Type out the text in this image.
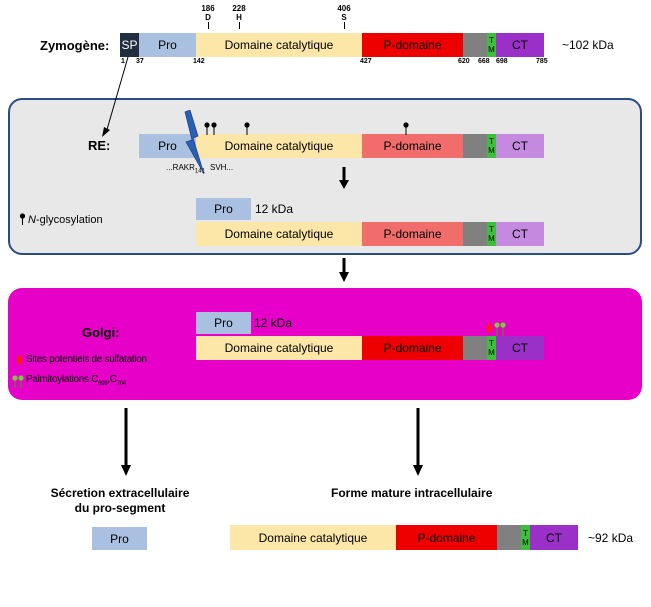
Zymogène:
186
D
228
H
406
S
SP	Pro	Domaine catalytique	P-domaine	T
M	CT	~102 kDa
1 37	142	427	620 668 698	785
RE:	Pro	Domaine catalytique	P-domaine	T
M	CT
$...RAKR_{141}$ SVH...
Pro	12 kDa
Domaine catalytique	P-domaine	T
M	CT
N-glycosylation
Golgi:
Pro	12 kDa
Domaine catalytique	P-domaine	T
M	CT
Sites potentiels de sulfatation
Palmitoylations $C_{699},C_{704}$
Sécretion extracellulaire
du pro-segment
Pro
Forme mature intracellulaire
Domaine catalytique	P-domaine	T
M	CT	~92 kDa
